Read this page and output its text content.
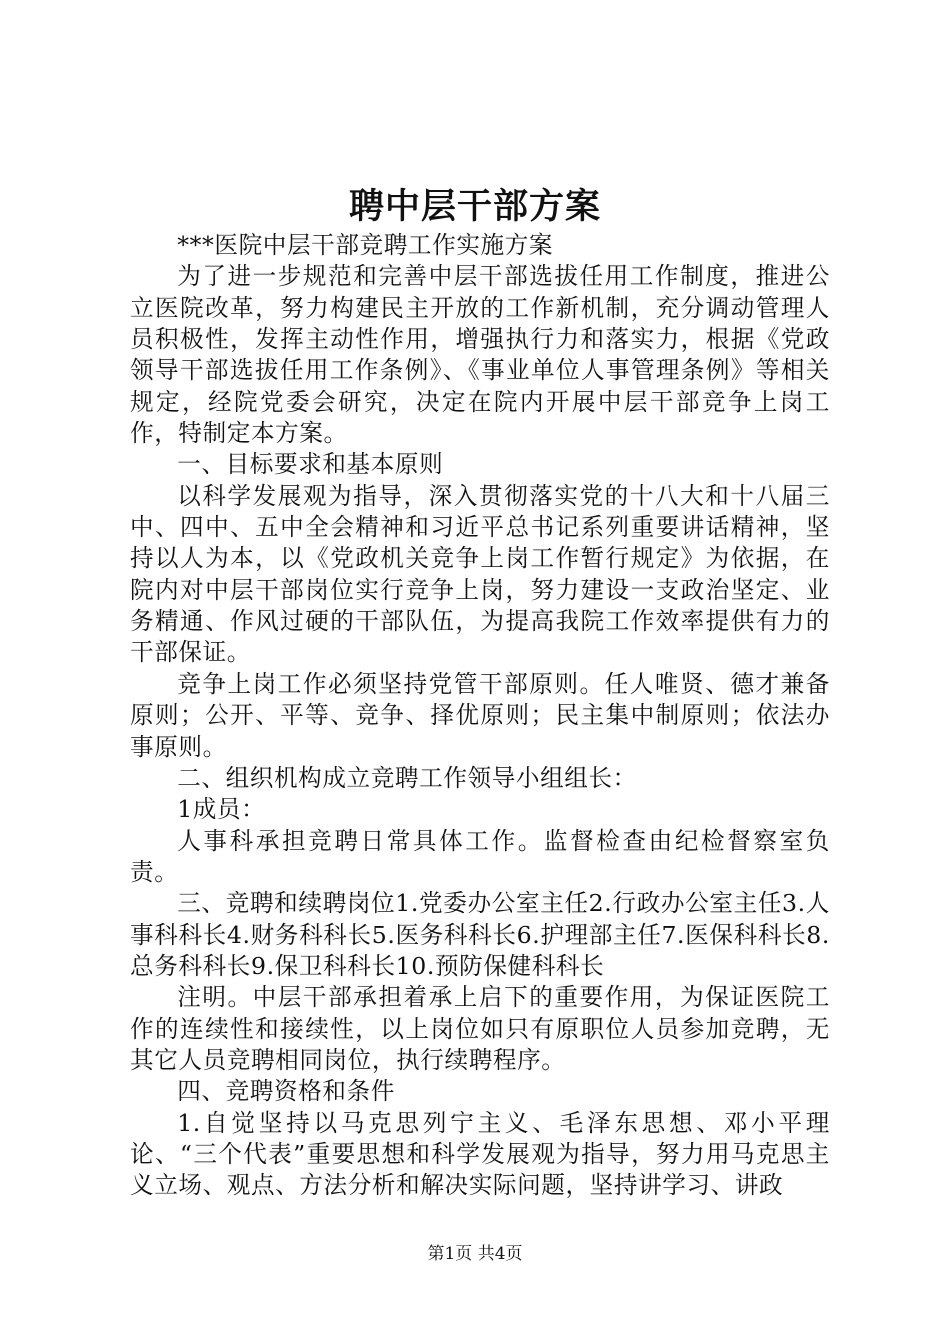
聘中层干部方案

***医院中层干部竞聘工作实施方案

为了进一步规范和完善中层干部选拔任用工作制度，推进公立医院改革，努力构建民主开放的工作新机制，充分调动管理人员积极性，发挥主动性作用，增强执行力和落实力，根据《党政领导干部选拔任用工作条例》、《事业单位人事管理条例》等相关规定，经院党委会研究，决定在院内开展中层干部竞争上岗工作，特制定本方案。

一、目标要求和基本原则

以科学发展观为指导，深入贯彻落实党的十八大和十八届三中、四中、五中全会精神和习近平总书记系列重要讲话精神，坚持以人为本，以《党政机关竞争上岗工作暂行规定》为依据，在院内对中层干部岗位实行竞争上岗，努力建设一支政治坚定、业务精通、作风过硬的干部队伍，为提高我院工作效率提供有力的干部保证。

竞争上岗工作必须坚持党管干部原则。任人唯贤、德才兼备原则；公开、平等、竞争、择优原则；民主集中制原则；依法办事原则。

二、组织机构成立竞聘工作领导小组组长：

1成员：

人事科承担竞聘日常具体工作。监督检查由纪检督察室负责。

三、竞聘和续聘岗位1.党委办公室主任2.行政办公室主任3.人事科科长4.财务科科长5.医务科科长6.护理部主任7.医保科科长8.总务科科长9.保卫科科长10.预防保健科科长

注明。中层干部承担着承上启下的重要作用，为保证医院工作的连续性和接续性，以上岗位如只有原职位人员参加竞聘，无其它人员竞聘相同岗位，执行续聘程序。

四、竞聘资格和条件

1.自觉坚持以马克思列宁主义、毛泽东思想、邓小平理论、“三个代表”重要思想和科学发展观为指导，努力用马克思主义立场、观点、方法分析和解决实际问题，坚持讲学习、讲政

第1页 共4页
